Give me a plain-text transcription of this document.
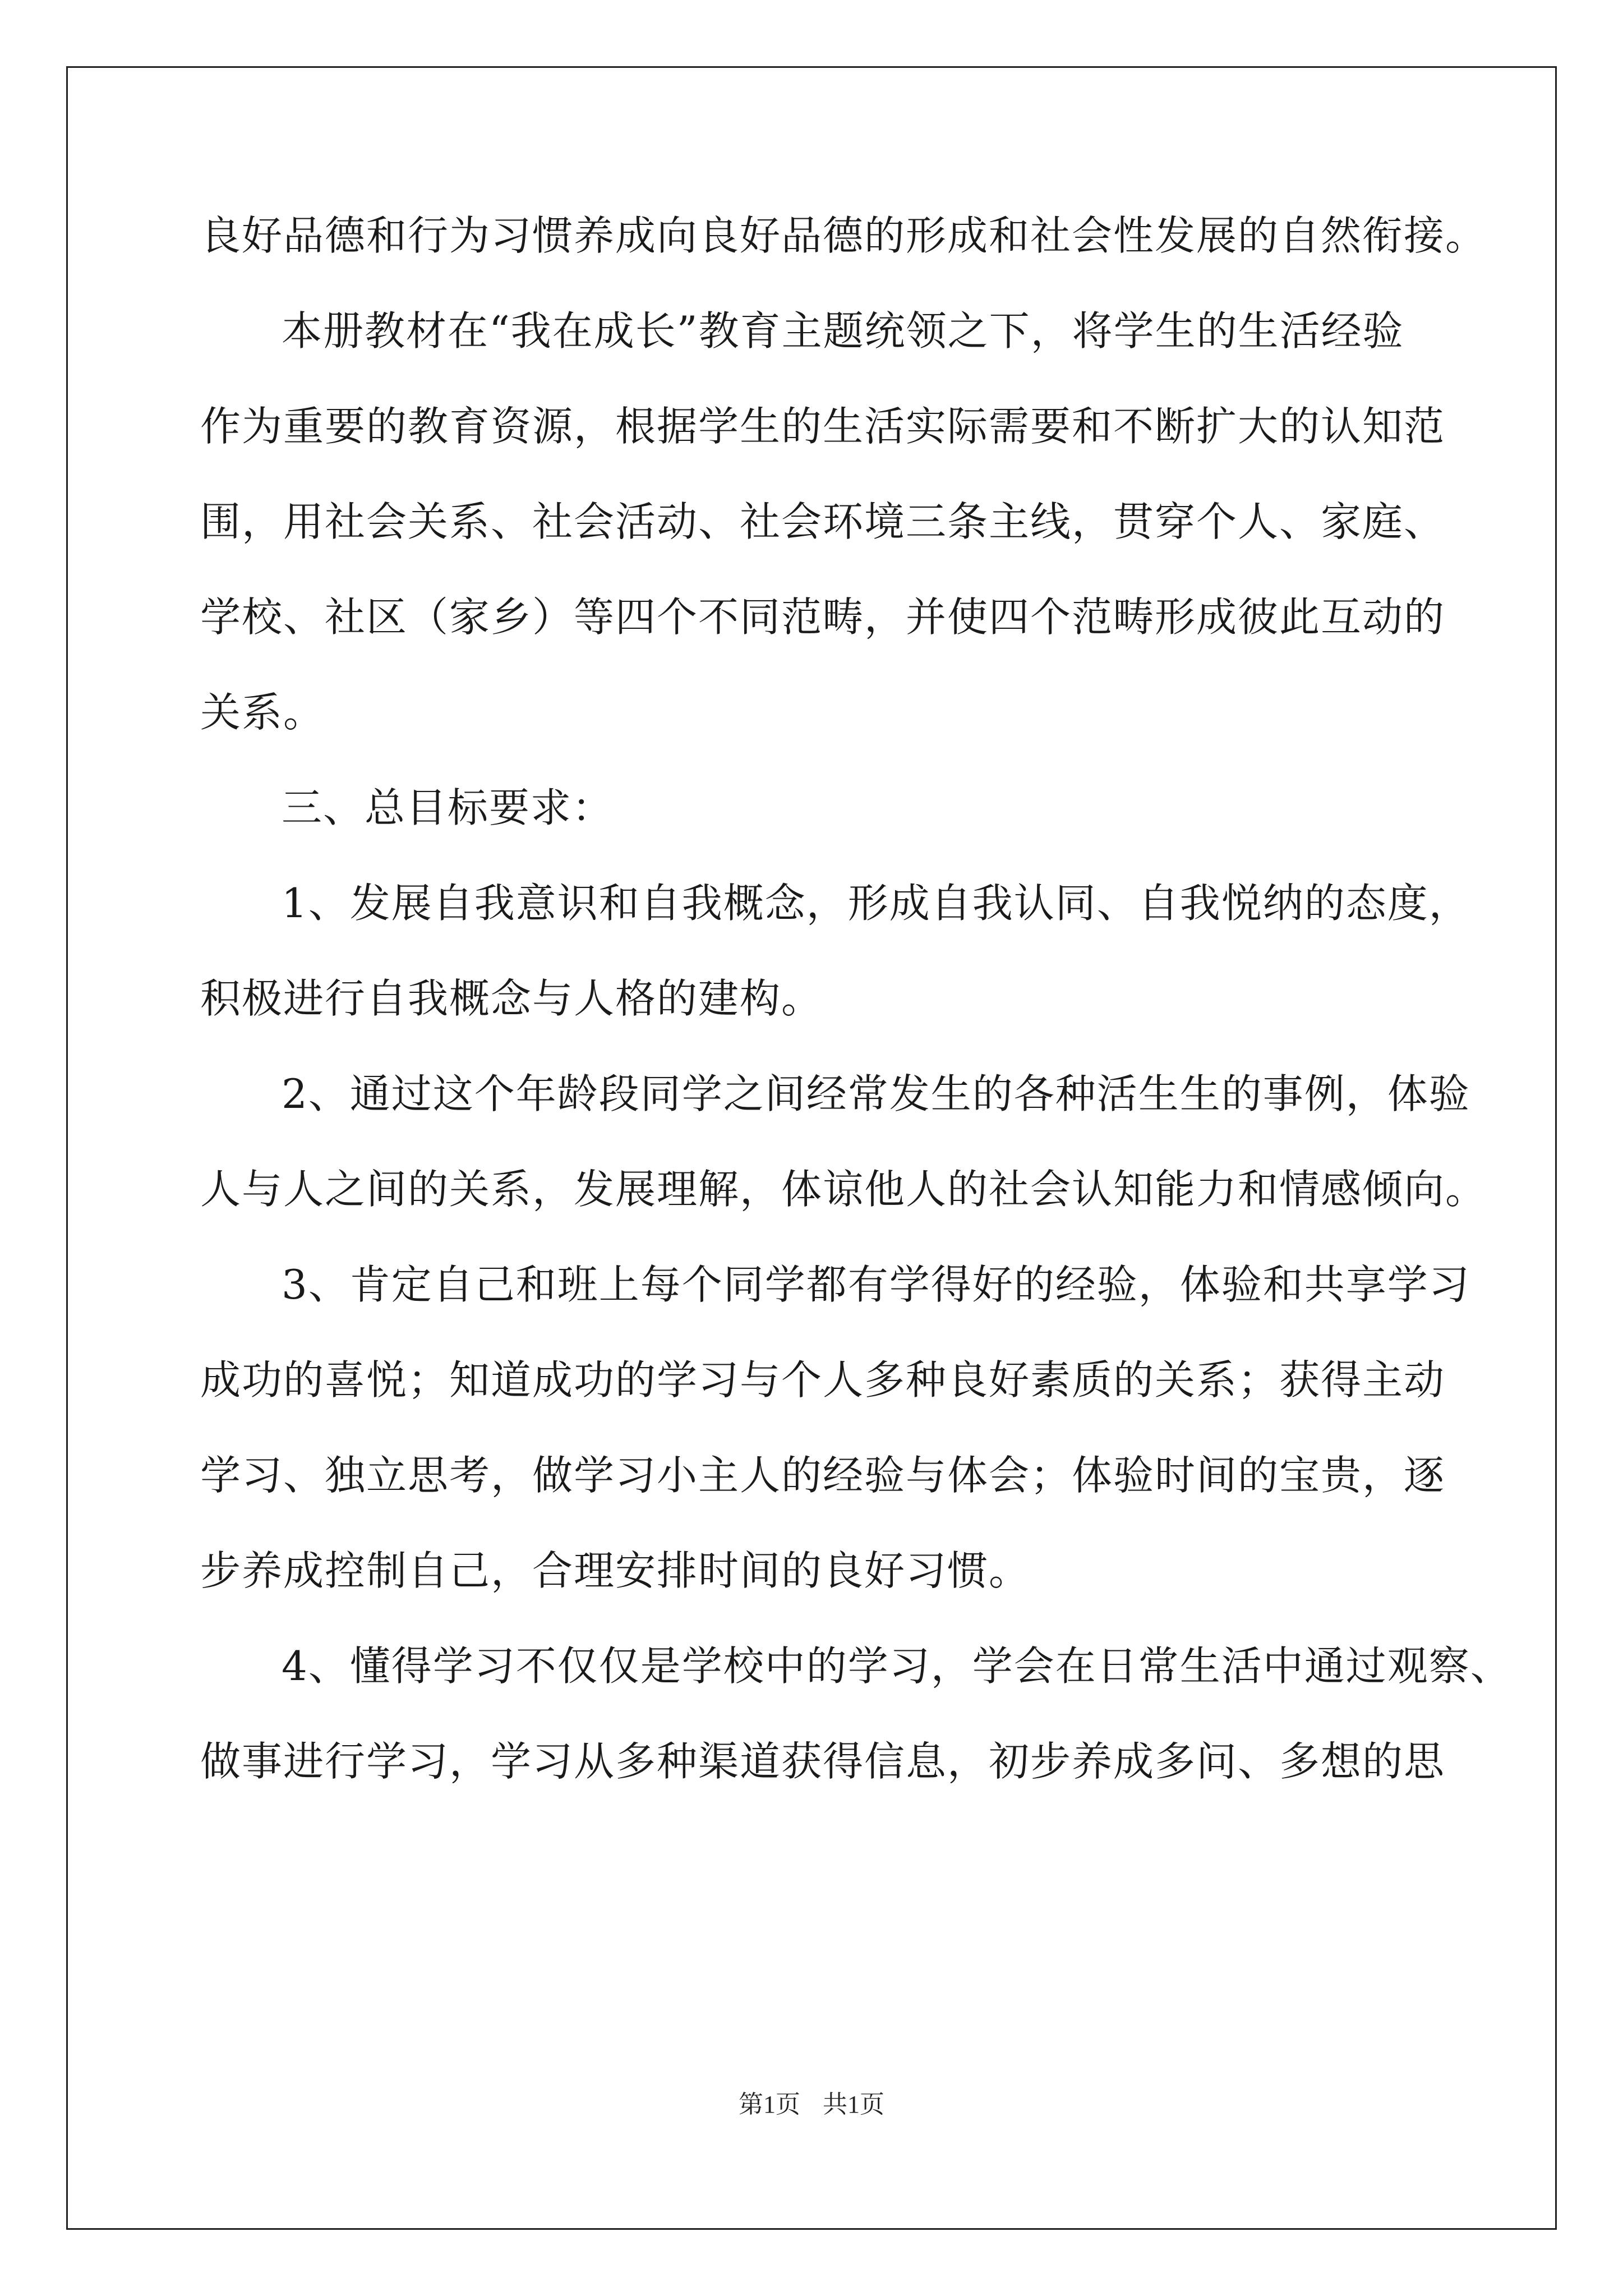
良好品德和行为习惯养成向良好品德的形成和社会性发展的自然衔接。
本册教材在“我在成长”教育主题统领之下，将学生的生活经验
作为重要的教育资源，根据学生的生活实际需要和不断扩大的认知范
围，用社会关系、社会活动、社会环境三条主线，贯穿个人、家庭、
学校、社区（家乡）等四个不同范畴，并使四个范畴形成彼此互动的
关系。
三、总目标要求：
1、发展自我意识和自我概念，形成自我认同、自我悦纳的态度，
积极进行自我概念与人格的建构。
2、通过这个年龄段同学之间经常发生的各种活生生的事例，体验
人与人之间的关系，发展理解，体谅他人的社会认知能力和情感倾向。
3、肯定自己和班上每个同学都有学得好的经验，体验和共享学习
成功的喜悦；知道成功的学习与个人多种良好素质的关系；获得主动
学习、独立思考，做学习小主人的经验与体会；体验时间的宝贵，逐
步养成控制自己，合理安排时间的良好习惯。
4、懂得学习不仅仅是学校中的学习，学会在日常生活中通过观察、
做事进行学习，学习从多种渠道获得信息，初步养成多问、多想的思
第1页 共1页
